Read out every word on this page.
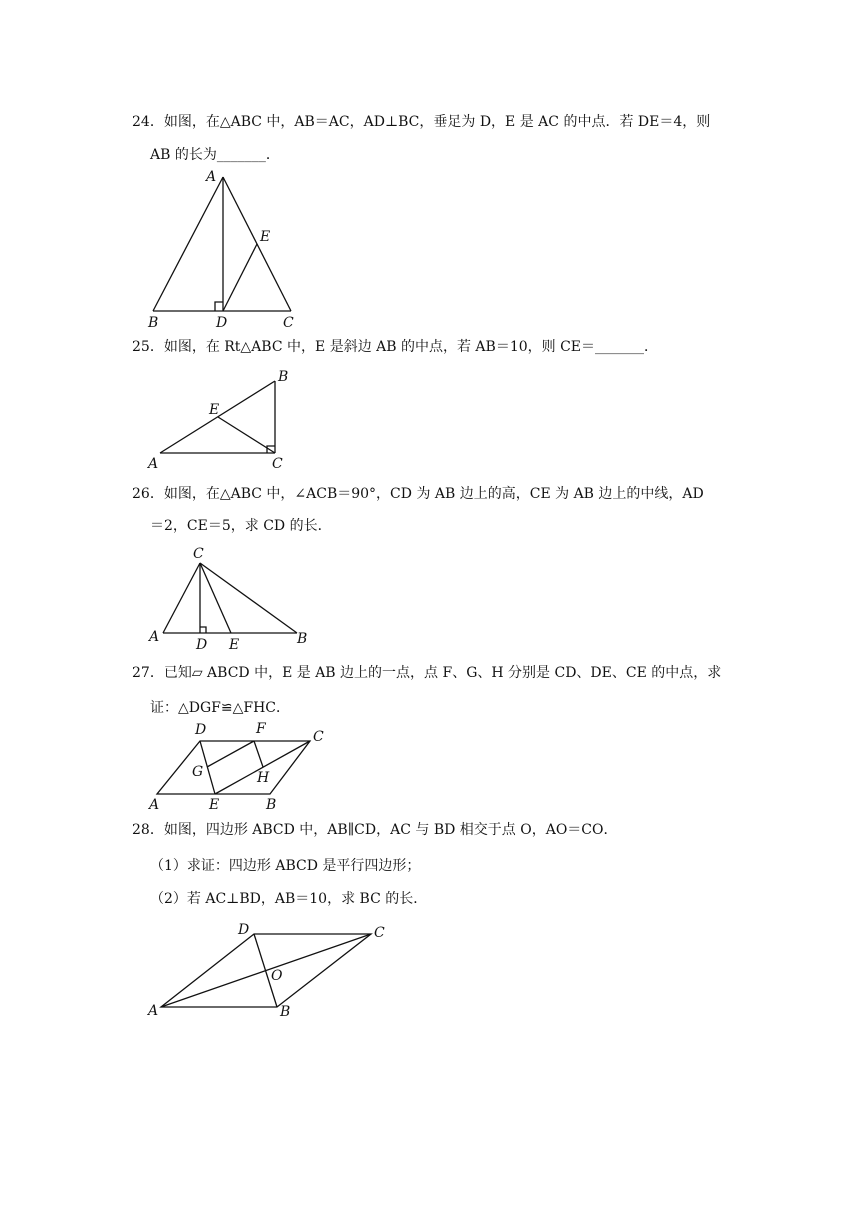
24．如图，在△ABC 中，AB＝AC，AD⊥BC，垂足为 D，E 是 AC 的中点．若 DE＝4，则
AB 的长为_______．
A
E
B	D	C
25．如图，在 Rt△ABC 中，E 是斜边 AB 的中点，若 AB＝10，则 CE＝_______．
B
E
A	C
26．如图，在△ABC 中，∠ACB＝90°，CD 为 AB 边上的高，CE 为 AB 边上的中线，AD
＝2，CE＝5，求 CD 的长．
C
A	D E	B
27．已知▱ ABCD 中，E 是 AB 边上的一点，点 F、G、H 分别是 CD、DE、CE 的中点，求
证：△DGF≌△FHC．
D	F	C
G	H
A	E	B
28．如图，四边形 ABCD 中，AB∥CD，AC 与 BD 相交于点 O，AO＝CO．
（1）求证：四边形 ABCD 是平行四边形；
（2）若 AC⊥BD，AB＝10，求 BC 的长．
D	C
O
A	B
